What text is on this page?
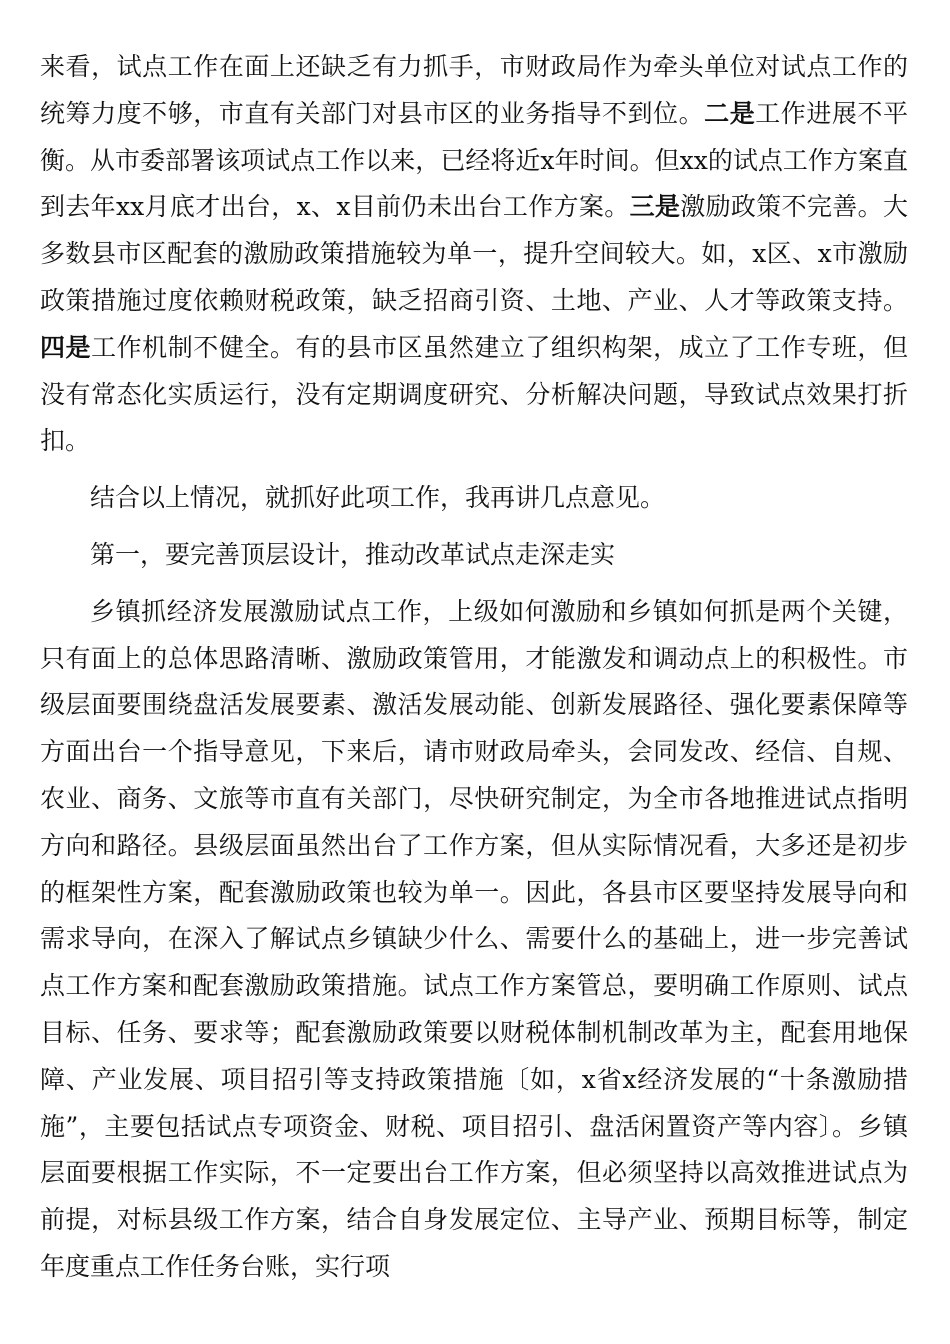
来看，试点工作在面上还缺乏有力抓手，市财政局作为牵头单位对试点工作的统筹力度不够，市直有关部门对县市区的业务指导不到位。二是工作进展不平衡。从市委部署该项试点工作以来，已经将近x年时间。但xx的试点工作方案直到去年xx月底才出台，x、x目前仍未出台工作方案。三是激励政策不完善。大多数县市区配套的激励政策措施较为单一，提升空间较大。如，x区、x市激励政策措施过度依赖财税政策，缺乏招商引资、土地、产业、人才等政策支持。四是工作机制不健全。有的县市区虽然建立了组织构架，成立了工作专班，但没有常态化实质运行，没有定期调度研究、分析解决问题，导致试点效果打折扣。

结合以上情况，就抓好此项工作，我再讲几点意见。

第一，要完善顶层设计，推动改革试点走深走实

乡镇抓经济发展激励试点工作，上级如何激励和乡镇如何抓是两个关键，只有面上的总体思路清晰、激励政策管用，才能激发和调动点上的积极性。市级层面要围绕盘活发展要素、激活发展动能、创新发展路径、强化要素保障等方面出台一个指导意见，下来后，请市财政局牵头，会同发改、经信、自规、农业、商务、文旅等市直有关部门，尽快研究制定，为全市各地推进试点指明方向和路径。县级层面虽然出台了工作方案，但从实际情况看，大多还是初步的框架性方案，配套激励政策也较为单一。因此，各县市区要坚持发展导向和需求导向，在深入了解试点乡镇缺少什么、需要什么的基础上，进一步完善试点工作方案和配套激励政策措施。试点工作方案管总，要明确工作原则、试点目标、任务、要求等；配套激励政策要以财税体制机制改革为主，配套用地保障、产业发展、项目招引等支持政策措施〔如，x省x经济发展的“十条激励措施”，主要包括试点专项资金、财税、项目招引、盘活闲置资产等内容〕。乡镇层面要根据工作实际，不一定要出台工作方案，但必须坚持以高效推进试点为前提，对标县级工作方案，结合自身发展定位、主导产业、预期目标等，制定年度重点工作任务台账，实行项
